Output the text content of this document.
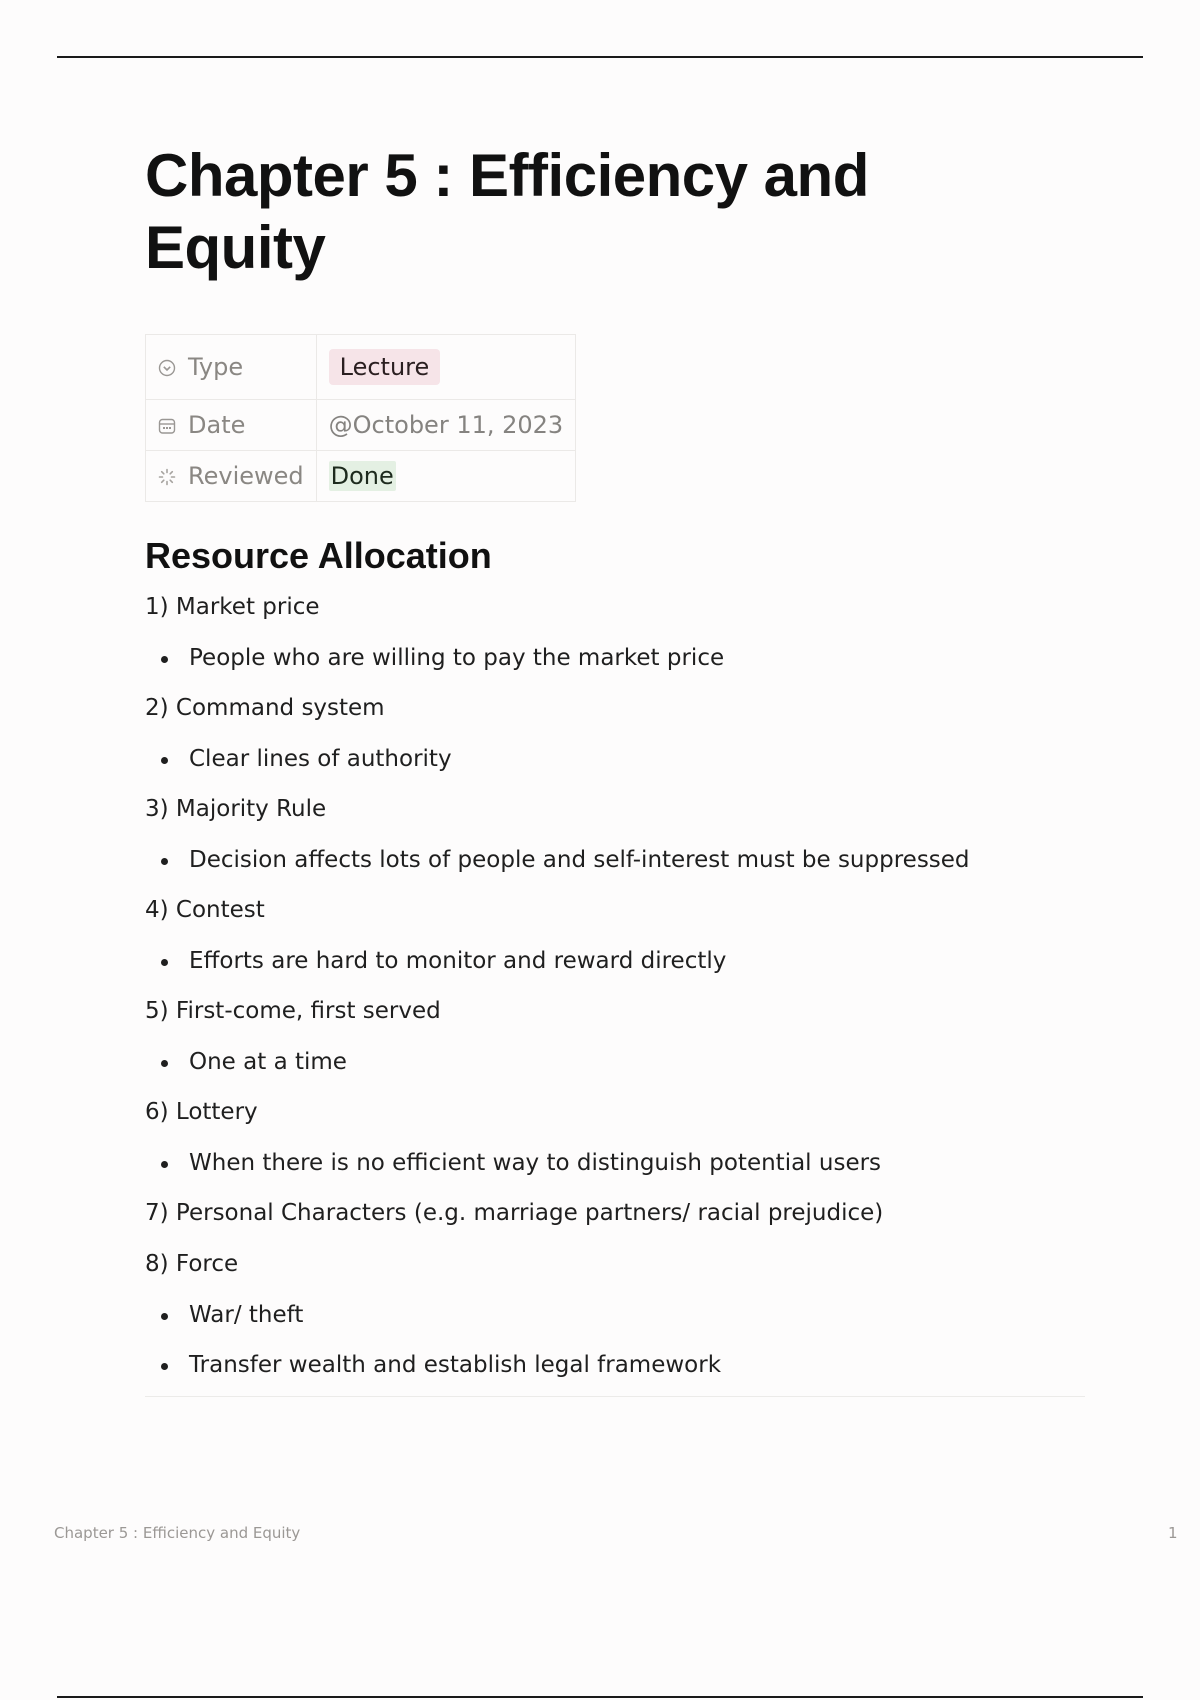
Chapter 5 : Efficiency and Equity
Type	Lecture
Date	@October 11, 2023
Reviewed	Done
Resource Allocation

1) Market price

People who are willing to pay the market price

2) Command system

Clear lines of authority

3) Majority Rule

Decision affects lots of people and self-interest must be suppressed

4) Contest

Efforts are hard to monitor and reward directly

5) First-come, first served

One at a time

6) Lottery

When there is no efficient way to distinguish potential users

7) Personal Characters (e.g. marriage partners/ racial prejudice)

8) Force

War/ theft

Transfer wealth and establish legal framework

Chapter 5 : Efficiency and Equity	1
